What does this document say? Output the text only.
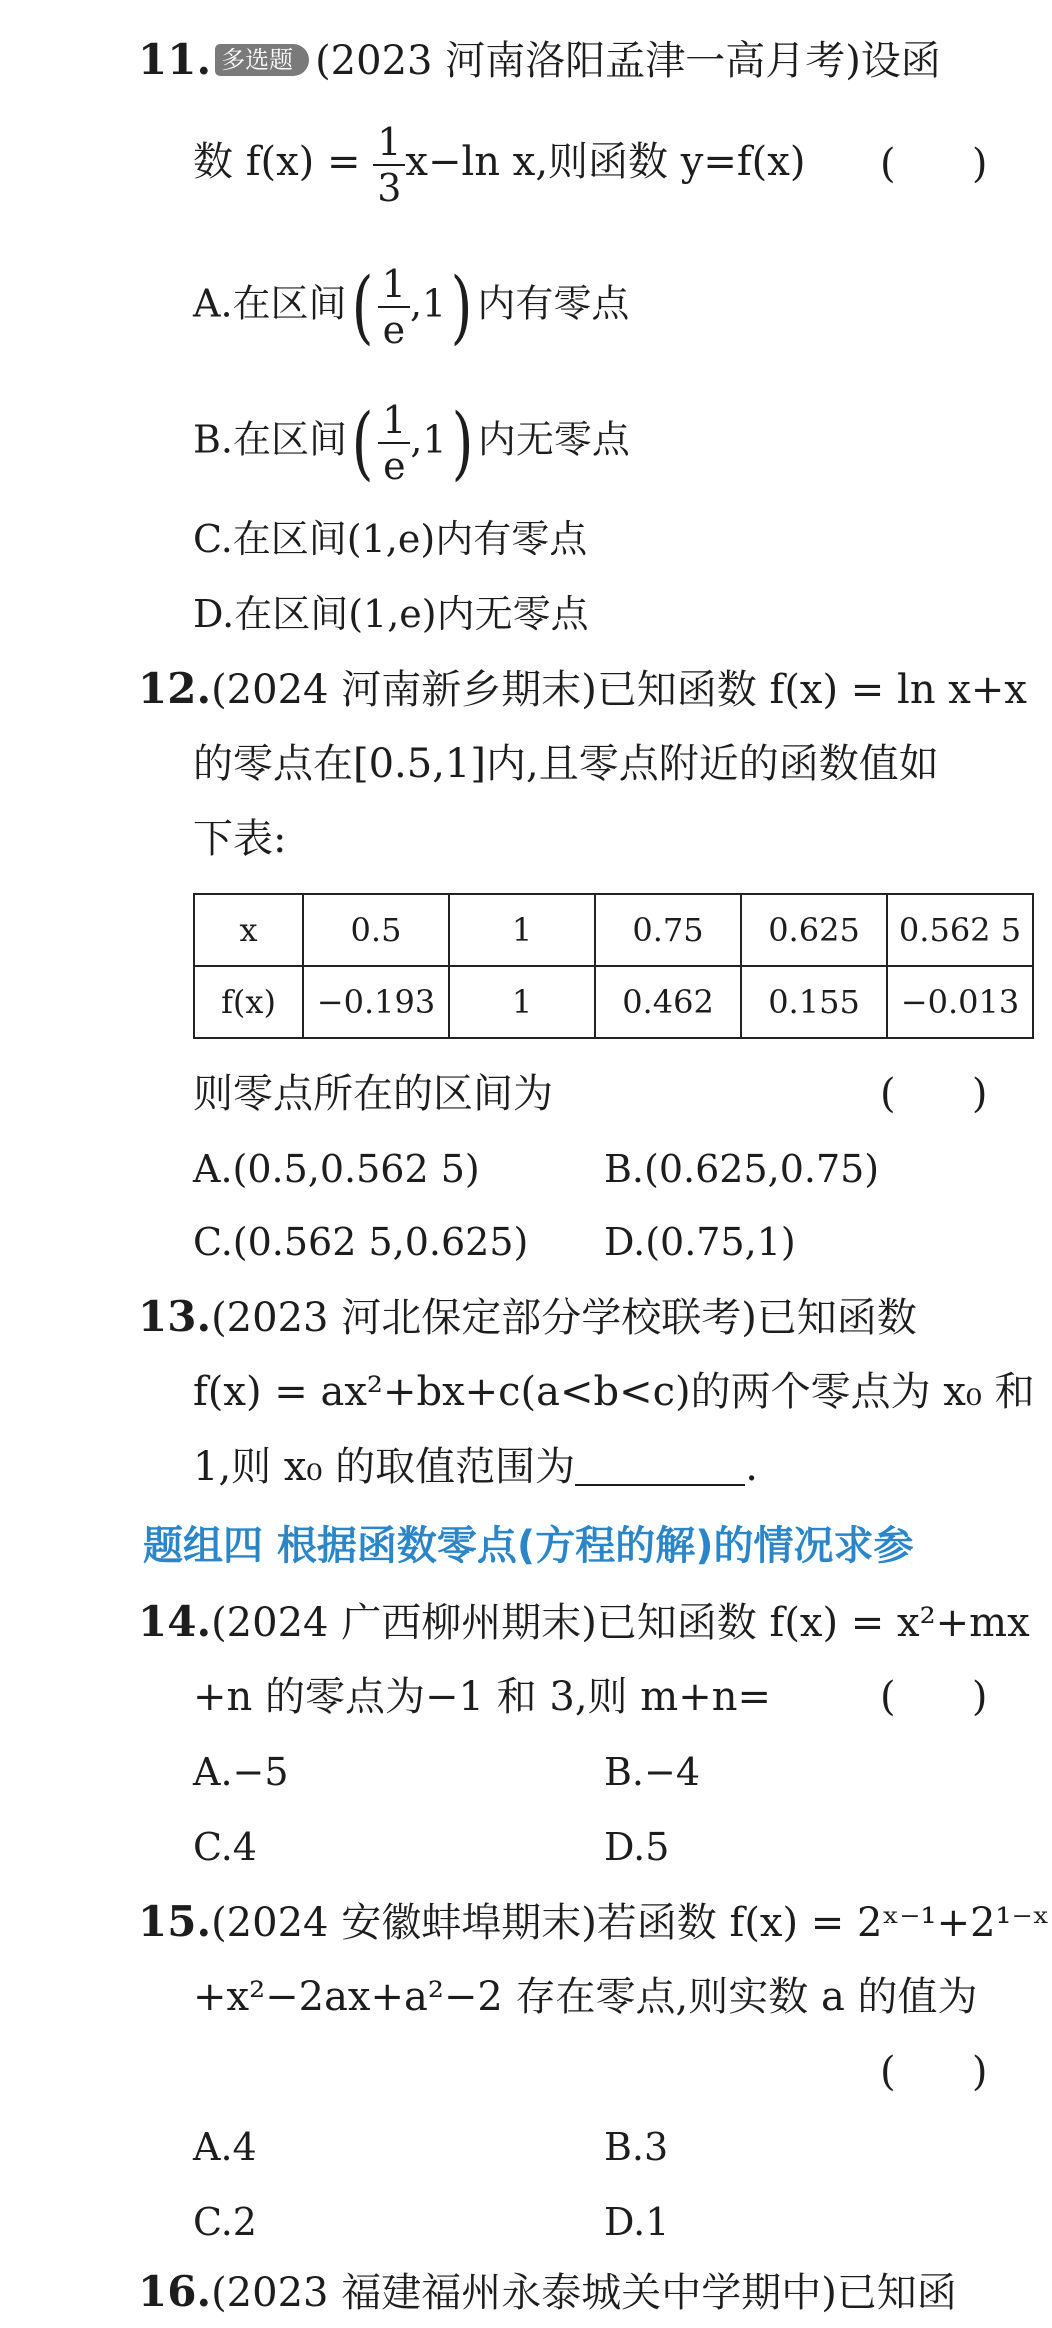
11. 多选题 (2023 河南洛阳孟津一高月考)设函
数 $f(x) = \frac{1}{3} x-\ln$ x,则函数 y=f(x) (      )
A.在区间( $\frac{1}{e} ,1$) 内有零点
B.在区间( $\frac{1}{e} ,1$) 内无零点
C.在区间(1,e)内有零点
D.在区间(1,e)内无零点
12.(2024 河南新乡期末)已知函数 f(x) = ln x+x
的零点在[0.5,1]内,且零点附近的函数值如
下表:
x	0.5	1	0.75	0.625	0.562 5
f(x)	−0.193	1	0.462	0.155	−0.013
则零点所在的区间为	(      )
A.(0.5,0.562 5)	B.(0.625,0.75)
C.(0.562 5,0.625) D.(0.75,1)
13.(2023 河北保定部分学校联考)已知函数
f(x) = ax²+bx+c(a<b<c)的两个零点为 x₀ 和
1,则 x₀ 的取值范围为	.
题组四 根据函数零点(方程的解)的情况求参
14.(2024 广西柳州期末)已知函数 f(x) = x²+mx
+n 的零点为−1 和 3,则 m+n=	(      )
A.−5	B.−4
C.4	D.5
15.(2024 安徽蚌埠期末)若函数 f(x) = 2ˣ⁻¹+2¹⁻ˣ
+x²−2ax+a²−2 存在零点,则实数 a 的值为
(      )
A.4	B.3
C.2	D.1
16.(2023 福建福州永泰城关中学期中)已知函
